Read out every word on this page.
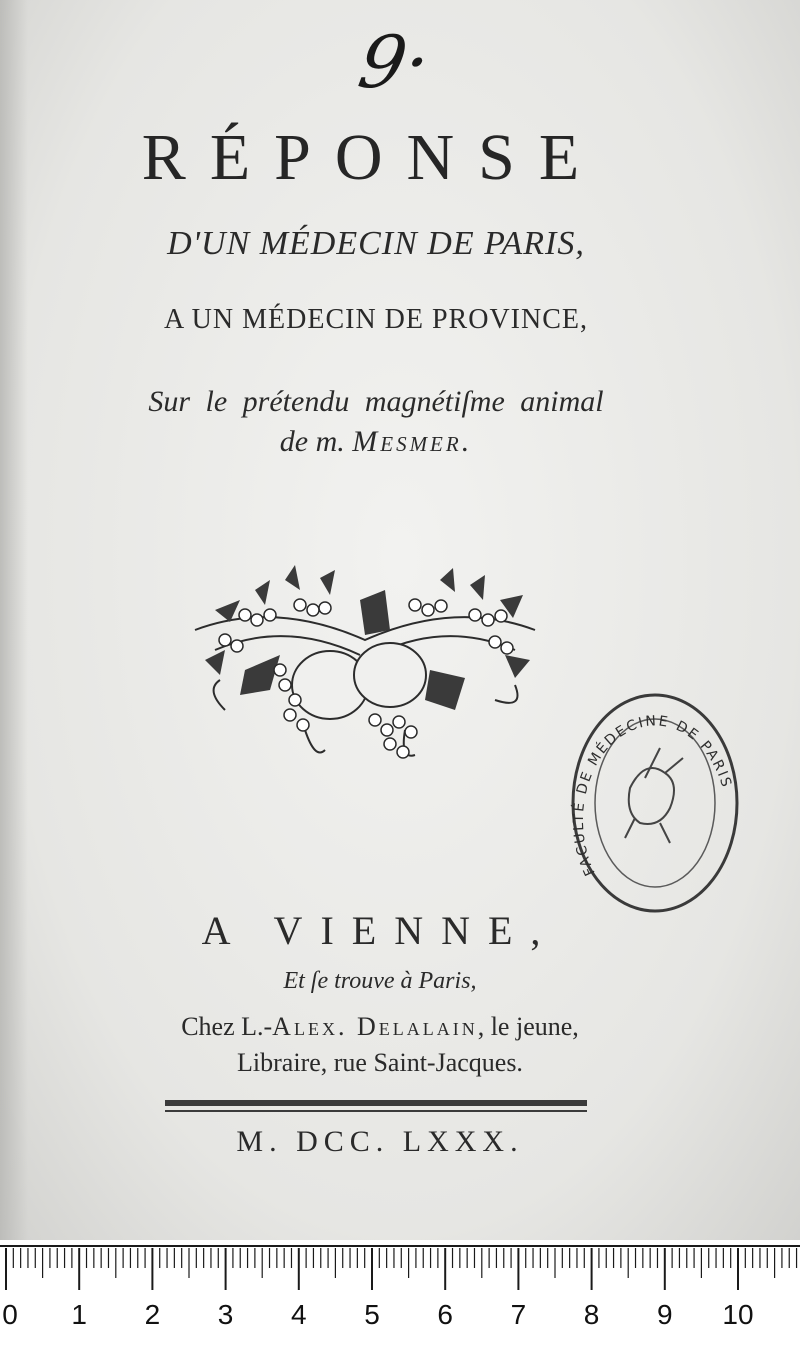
9·
RÉPONSE
D'UN MÉDECIN DE PARIS,
A UN MÉDECIN DE PROVINCE,
Sur le prétendu magnétiſme animal
de m. Mesmer.
FACULTÉ DE MÉDECINE DE PARIS
A VIENNE,
Et ſe trouve à Paris,
Chez L.-Alex. Delalain, le jeune,
Libraire, rue Saint-Jacques.
M. DCC. LXXX.
0 1 2 3 4 5 6 7 8 9 10
